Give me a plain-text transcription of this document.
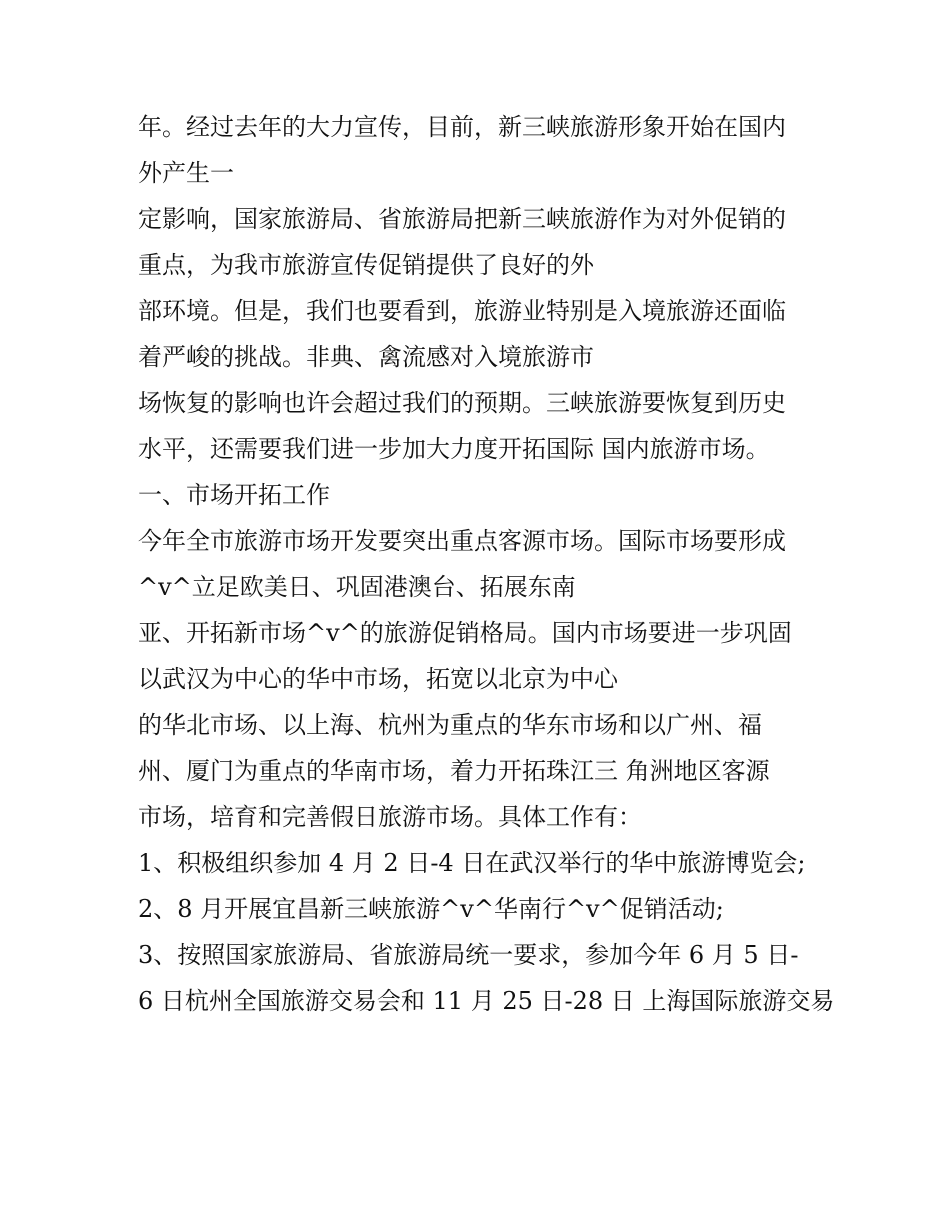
年。经过去年的大力宣传，目前，新三峡旅游形象开始在国内

外产生一

定影响，国家旅游局、省旅游局把新三峡旅游作为对外促销的

重点，为我市旅游宣传促销提供了良好的外

部环境。但是，我们也要看到，旅游业特别是入境旅游还面临

着严峻的挑战。非典、禽流感对入境旅游市

场恢复的影响也许会超过我们的预期。三峡旅游要恢复到历史

水平，还需要我们进一步加大力度开拓国际 国内旅游市场。

一、市场开拓工作

今年全市旅游市场开发要突出重点客源市场。国际市场要形成

^v^立足欧美日、巩固港澳台、拓展东南

亚、开拓新市场^v^的旅游促销格局。国内市场要进一步巩固

以武汉为中心的华中市场，拓宽以北京为中心

的华北市场、以上海、杭州为重点的华东市场和以广州、福

州、厦门为重点的华南市场，着力开拓珠江三 角洲地区客源

市场，培育和完善假日旅游市场。具体工作有：

1、积极组织参加 4 月 2 日-4 日在武汉举行的华中旅游博览会;

2、8 月开展宜昌新三峡旅游^v^华南行^v^促销活动;

3、按照国家旅游局、省旅游局统一要求，参加今年 6 月 5 日-

6 日杭州全国旅游交易会和 11 月 25 日-28 日 上海国际旅游交易
